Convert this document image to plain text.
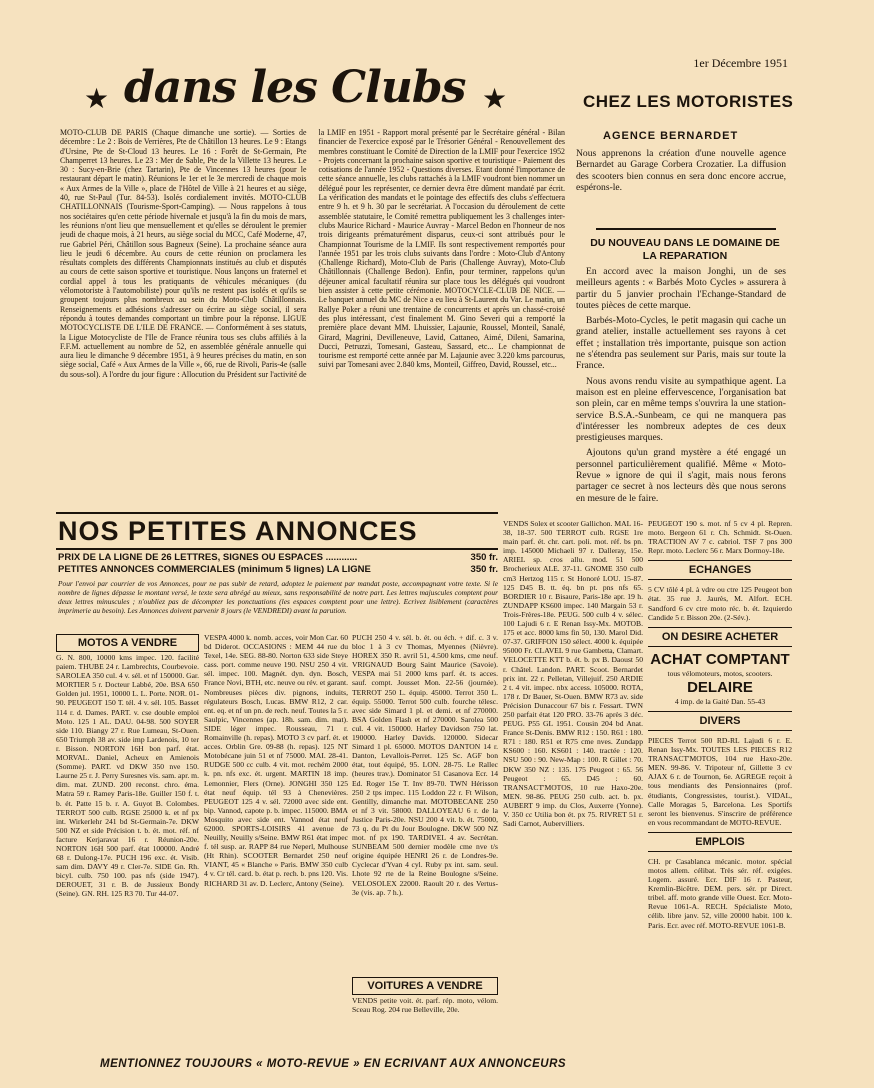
1er Décembre 1951
★ dans les Clubs ★
MOTO-CLUB DE PARIS (Chaque dimanche une sortie). — Sorties de décembre : Le 2 : Bois de Verrières, Pte de Châtillon 13 heures. Le 9 : Etangs d'Ursine, Pte de St-Cloud 13 heures. Le 16 : Forêt de St-Germain, Pte Champerret 13 heures. Le 23 : Mer de Sable, Pte de la Villette 13 heures. Le 30 : Sucy-en-Brie (chez Tartarin), Pte de Vincennes 13 heures (pour le restaurant départ le matin). Réunions le 1er et le 3e mercredi de chaque mois « Aux Armes de la Ville », place de l'Hôtel de Ville à 21 heures et au siège, 40, rue St-Paul (Tur. 84-53). Isolés cordialement invités. MOTO-CLUB CHATILLONNAIS (Tourisme-Sport-Camping). — Nous rappelons à tous nos sociétaires qu'en cette période hivernale et jusqu'à la fin du mois de mars, les réunions n'ont lieu que mensuellement et qu'elles se déroulent le premier jeudi de chaque mois, à 21 heurs, au siège social du MCC, Café Moderne, 47, rue Gabriel Péri, Châtillon sous Bagneux (Seine). La prochaine séance aura lieu le jeudi 6 décembre. Au cours de cette réunion on proclamera les résultats complets des différents Championnats institués au club et disputés au cours de cette saison sportive et touristique. Nous lançons un fraternel et cordial appel à tous les pratiquants de véhicules mécaniques (du vélomotoriste à l'automobiliste) pour qu'ils ne restent pas isolés et qu'ils se groupent toujours plus nombreux au sein du Moto-Club Châtillonnais. Renseignements et adhésions s'adresser ou écrire au siège social, il sera répondu à toutes demandes comportant un timbre pour la réponse. LIGUE MOTOCYCLISTE DE L'ILE DE FRANCE. — Conformément à ses statuts, la Ligue Motocycliste de l'Ile de France réunira tous ses clubs affiliés à la F.F.M. actuellement au nombre de 52, en assemblée générale annuelle qui aura lieu le dimanche 9 décembre 1951, à 9 heures précises du matin, en son siège social, Café « Aux Armes de la Ville », 66, rue de Rivoli, Paris-4e (salle du sous-sol). A l'ordre du jour figure : Allocution du Président sur l'activité de la LMIF en 1951 - Rapport moral présenté par le Secrétaire général - Bilan financier de l'exercice exposé par le Trésorier Général - Renouvellement des membres constituant le Comité de Direction de la LMIF pour l'exercice 1952 - Projets concernant la prochaine saison sportive et touristique - Paiement des cotisations de l'année 1952 - Questions diverses. Etant donné l'importance de cette séance annuelle, les clubs rattachés à la LMIF voudront bien nommer un délégué pour les représenter, ce dernier devra être dûment mandaté par écrit. La vérification des mandats et le pointage des effectifs des clubs s'effectuera entre 9 h. et 9 h. 30 par le secrétariat. A l'occasion du déroulement de cette assemblée statutaire, le Comité remettra publiquement les 3 challenges inter-clubs Maurice Richard - Maurice Auvray - Marcel Bedon en l'honneur de nos trois dirigeants prématurément disparus, ceux-ci sont attribués pour le Championnat Tourisme de la LMIF. Ils sont respectivement remportés pour l'année 1951 par les trois clubs suivants dans l'ordre : Moto-Club d'Antony (Challenge Richard), Moto-Club de Paris (Challenge Auvray), Moto-Club Châtillonnais (Challenge Bedon). Enfin, pour terminer, rappelons qu'un déjeuner amical facultatif réunira sur place tous les délégués qui voudront bien assister à cette petite cérémonie. MOTOCYCLE-CLUB DE NICE. — Le banquet annuel du MC de Nice a eu lieu à St-Laurent du Var. Le matin, un Rallye Poker a réuni une trentaine de concurrents et après un chassé-croisé des plus intéressant, c'est finalement M. Gino Severi qui a remporté la première place devant MM. Lhuissier, Lajaunie, Roussel, Monteil, Sanalé, Girard, Magrini, Devilleneuve, Lavid, Cattaneo, Aimé, Dileni, Samarina, Ducci, Petruzzi, Tomesani, Gasteau, Sassard, etc... Le championnat de tourisme est remporté cette année par M. Lajaunie avec 3.220 kms parcourus, suivi par Tomesani avec 2.840 kms, Monteil, Giffreo, David, Roussel, etc...
CHEZ LES MOTORISTES
AGENCE BERNARDET
Nous apprenons la création d'une nouvelle agence Bernardet au Garage Corbera Crozatier. La diffusion des scooters bien connus en sera donc encore accrue, espérons-le.
DU NOUVEAU DANS LE DOMAINE DE LA REPARATION

En accord avec la maison Jonghi, un de ses meilleurs agents : « Barbés Moto Cycles » assurera à partir du 5 janvier prochain l'Echange-Standard de toutes pièces de cette marque.

Barbés-Moto-Cycles, le petit magasin qui cache un grand atelier, installe actuellement ses rayons à cet effet ; installation très importante, puisque son action ne s'étendra pas seulement sur Paris, mais sur toute la France.

Nous avons rendu visite au sympathique agent. La maison est en pleine effervescence, l'organisation bat son plein, car en même temps s'ouvrira la une station-service B.S.A.-Sunbeam, ce qui ne manquera pas d'intéresser les nombreux adeptes de ces deux prestigieuses marques.

Ajoutons qu'un grand mystère a été engagé un personnel particulièrement qualifié. Même « Moto-Revue » ignore de qui il s'agit, mais nous ferons partager ce secret à nos lecteurs dès que nous serons en mesure de le faire.

NOS PETITES ANNONCES
PRIX DE LA LIGNE DE 26 LETTRES, SIGNES OU ESPACES ............	350 fr.
PETITES ANNONCES COMMERCIALES (minimum 5 lignes) LA LIGNE	350 fr.
Pour l'envoi par courrier de vos Annonces, pour ne pas subir de retard, adoptez le paiement par mandat poste, accompagnant votre texte. Si le nombre de lignes dépasse le montant versé, le texte sera abrégé au mieux, sans responsabilité de notre part. Les lettres majuscules comptent pour deux lettres minuscules ; n'oubliez pas de décompter les ponctuations (les espaces comptent pour une lettre). Ecrivez lisiblement (caractères imprimerie au besoin). Les Annonces doivent parvenir 8 jours (le VENDREDI) avant la parution.
MOTOS A VENDRE
G. N. 800, 10000 kms impec. 120. facilité paiem. THUBE 24 r. Lambrechts, Courbevoie. SAROLEA 350 cul. 4 v. sél. et nf 150000. Gar. MORTIER 5 r. Docteur Labbé, 20e. BSA 650 Golden jul. 1951, 10000 L. L. Porte. NOR. 01-90. PEUGEOT 150 T. tél. 4 v. sél. 105. Basset 114 r. d. Dames. PART. v. cse double emploi Moto. 125 1 AL. DAU. 04-98. 500 SOYER side 110. Biangy 27 r. Rue Lumeau, St-Ouen. 650 Triumph 38 av. side imp Lardenois, 10 ter r. Bisson. NORTON 16H bon parf. état. MORVAL. Daniel, Acheux en Amienois (Somme). PART. vd DKW 350 nve 150. Laurne 25 r. J. Perry Suresnes vis. sam. apr. m. dim. mat. ZUND. 200 reconst. chro. éma. Matra 59 r. Ramey Paris-18e. Guiller 150 f. t. b. ét. Patte 15 b. r. A. Guyot B. Colombes. TERROT 500 culb. RGSE 25000 k. et nf px int. Wirkerlehr 241 bd St-Germain-7e. DKW 500 NZ et side Précision t. b. ét. mot. réf. nf facture Kerjaravat 16 r. Réunion-20e. NORTON 16H 500 parf. état 100000. André 68 r. Dulong-17e. PUCH 196 exc. ét. Visib. sam dim. DAVY 49 r. Cler-7e. SIDE Gn. Rh. bicyl. culb. 750 100. pas nfs (side 1947). DEROUET, 31 r. B. de Jussieux Bondy (Seine). GN. RH. 125 R3 70. Tur 44-07.
VESPA 4000 k. nomb. acces, voir Mon Car. 60 bd Diderot. OCCASIONS : MEM 44 rue du Texel, 14e. SEG. 88-80. Norton 633 side Steye cass. port. comme neuve 190. NSU 250 4 vit. sél. impec. 100. Magnét. dyn. dyn. Bosch, France Novi, BTH, etc. neuve ou rév. et garant. Nombreuses pièces div. pignons, induits, régulateurs Bosch, Lucas. BMW R12, 2 car. ent. eq. et nf un pn. de rech. neuf. Toutes la 5 r. Saulpic, Vincennes (ap. 18h. sam. dim. mat). SIDE léger impec. Rousseau, 71 r. Romainville (h. repas). MOTO 3 cv parf. ét. et acces. Orblin Gre. 09-88 (h. repas). 125 NT Motobécane juin 51 et nf 75000. MAI. 28-41. RUDGE 500 cc culb. 4 vit. mot. rechém 2000 k. pn. nfs exc. ét. urgent. MARTIN 18 imp. Lemonnier, Flers (Orne). JONGHI 350 125 état neuf équip. tél 93 à Chenevières. PEUGEOT 125 4 v. sél. 72000 avec side ent. bip. Vannod, capote p. b. impec. 115000. BMA Mosquito avec side ent. Vannod état neuf 62000. SPORTS-LOISIRS 41 avenue de Neuilly, Neuilly s/Seine. BMW R61 état impec f. tél susp. ar. RAPP 84 rue Neperl, Mulhouse (Ht Rhin). SCOOTER Bernardet 250 neuf VIANT, 45 « Blanche » Paris. BMW 350 culb 4 v. Cr tél. card. b. état p. rech. b. pns 120. Vis. RICHARD 31 av. D. Leclerc, Antony (Seine).
PUCH 250 4 v. sél. b. ét. ou éch. + dif. c. 3 v. bloc 1 à 3 cv Thomas, Myennes (Nièvre). HOREX 350 R. avril 51, 4.500 kms, cme neuf. VRIGNAUD Bourg Saint Maurice (Savoie). VESPA mai 51 2000 kms parf. ét. ts acces. sauf. compt. Jousset Mon. 22-56 (journée). TERROT 250 L. équip. 45000. Terrot 350 L. équip. 55000. Terrot 500 culb. fourche télesc. avec side Simard 1 pl. et demi. et nf 270000. BSA Golden Flash et nf 270000. Sarolea 500 cul. 4 vit. 150000. Harley Davidson 750 lat. 190000. Harley Davids. 120000. Sidecar Simard 1 pl. 65000. MOTOS DANTON 14 r. Danton, Levallois-Perret. 125 Sc. AGF bon état, tout équipé, 95. LON. 28-75. Le Rallec (heures trav.). Dominator 51 Casanova Ecr. 14 Ed. Roger 15e T. Inv 89-70. TWN Hérisson 250 2 tps impec. 115 Loddon 22 r. Ft Wilson, Gentilly, dimanche mat. MOTOBECANE 250 et nf 3 vit. 58000. DALLOYEAU 6 r. de la Justice Paris-20e. NSU 200 4 vit. b. ét. 75000, 73 q. du Pt du Jour Boulogne. DKW 500 NZ mot. nf px 190. TARDIVEL 4 av. Secrétan. SUNBEAM 500 dernier modèle cme nve t/s origine équipée HENRI 26 r. de Londres-9e. Cyclecar d'Yvan 4 cyl. Ruby px int. sam. seul. Lhote 92 rte de la Reine Boulogne s/Seine. VELOSOLEX 22000. Raoult 20 r. des Vertus-3e (vis. ap. 7 h.).
VOITURES A VENDRE
VENDS petite voit. ét. parf. rép. moto, vélom. Sceau Rog. 204 rue Belleville, 20e.
VENDS Solex et scooter Gallichon. MAL 16-38, 18-37. 500 TERROT culb. RGSE 1re main parf. ét. chr. cart. poli. mot. réf. bs pn. imp. 145000 Michaeli 97 r. Dalleray, 15e. ARIEL sp. cros allu. mod. 51 500 Brocherieux ALE. 37-11. GNOME 350 culb cm3 Hertzog 115 r. St Honoré LOU. 15-87. 125 D45 B. tt. éq. bn pt. pns nfs 65. BORDIER 10 r. Bisaure, Paris-18e apr. 19 h. ZUNDAPP KS600 impec. 140 Margain 53 r. Trois-Frères-18e. PEUG. 500 culb 4 v. sélec. 100 Lajudi 6 r. E Renan Issy-Mx. MOTOB. 175 et acc. 8000 kms fin 50, 130. Marol Did. 07-37. GRIFFON 150 sélect. 4000 k. équipée 95000 Fr. CLAVEL 9 rue Gambetta, Clamart. VELOCETTE KTT b. ét. b. px B. Daoust 50 r. Châtel. Landon. PART. Scoot. Bernardet prix int. 22 r. Pelletan, Villejuif. 250 ARDIE 2 t. 4 vit. impec. nbx access. 105000. ROTA, 178 r. Dr Bauer, St-Ouen. BMW R73 av. side Précision Dunaccour 67 bis r. Fessart. TWN 250 parfait état 120 PRO. 33-76 après 3 déc. PEUG. P55 GL 1951. Cousin 204 bd Anat. France St-Denis. BMW R12 : 150. R61 : 180. R71 : 180. R51 et R75 cme nves. Zundapp KS600 : 160. KS601 : 140. tractée : 120. NSU 500 : 90. New-Map : 100. R Gillet : 70. DKW 350 NZ : 135. 175 Peugeot : 65. 56 Peugeot : 65. D45 : 60. TRANSACT'MOTOS, 10 rue Haxo-20e. MEN. 98-86. PEUG 250 culb. act. b. px. AUBERT 9 imp. du Clos, Auxerre (Yonne). V. 350 cc Utilia bon ét. px 75. RIVRET 51 r. Sadi Carnot, Aubervilliers.
PEUGEOT 190 s. mot. nf 5 cv 4 pl. Repren. moto. Bergeon 61 r. Ch. Schmidt. St-Ouen. TRACTION AV 7 c. cabriol. TSF 7 pns 300 Repr. moto. Leclerc 56 r. Marx Dormoy-18e.
ECHANGES
5 CV tôlé 4 pl. à vdre ou ctre 125 Peugeot bon état. 35 rue J. Jaurès, M. Alfort. ECH. Sandford 6 cv ctre moto réc. b. ét. Izquierdo Candide 5 r. Bisson 20e. (2-Sév.).
ON DESIRE ACHETER
ACHAT COMPTANT
tous vélomoteurs, motos, scooters.
DELAIRE
4 imp. de la Gaité Dan. 55-43
DIVERS
PIECES Terrot 500 RD-RL Lajudi 6 r. E. Renan Issy-Mx. TOUTES LES PIECES R12 TRANSACT'MOTOS, 104 rue Haxo-20e. MEN. 99-86. V. Tripoteur nf, Gillette 3 cv AJAX 6 r. de Tournon, 6e. AGREGE reçoit à tous mendiants des Pensionnaires (prof. étudiants, Congressistes, tourist.). VIDAL, Calle Moragas 5, Barcelona. Les Sportifs seront les bienvenus. S'inscrire de préférence en vous recommandant de MOTO-REVUE.
EMPLOIS
CH. pr Casablanca mécanic. motor. spécial motos allem. célibat. Très sér. réf. exigées. Logem. assuré. Ecr. DIF 16 r. Pasteur, Kremlin-Bicêtre. DEM. pers. sér. pr Direct. tribel. aff. moto grande ville Ouest. Ecr. Moto-Revue 1061-A. RECH. Spécialiste Moto, célib. libre janv. 52, ville 20000 habit. 100 k. Paris. Ecr. avec réf. MOTO-REVUE 1061-B.
MENTIONNEZ TOUJOURS « MOTO-REVUE » EN ECRIVANT AUX ANNONCEURS
